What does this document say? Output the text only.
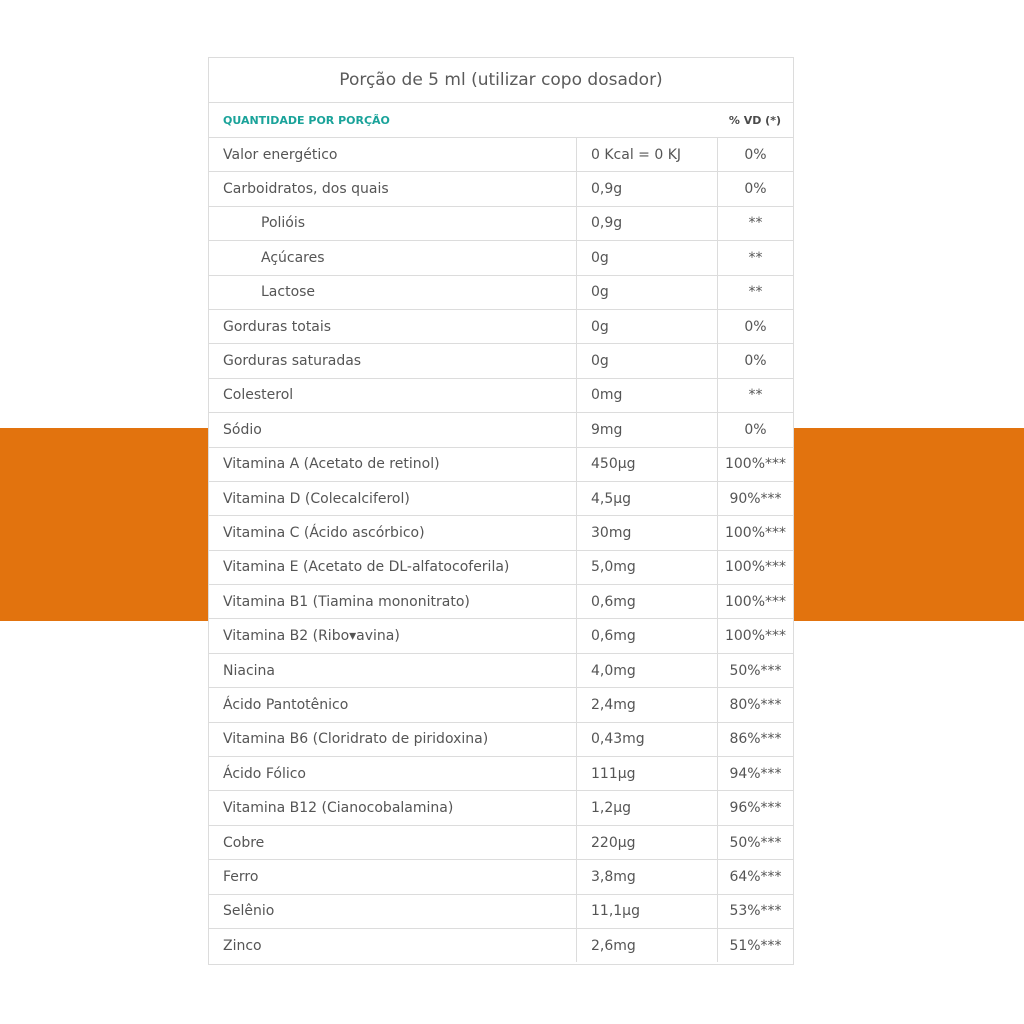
Porção de 5 ml (utilizar copo dosador)
QUANTIDADE POR PORÇÃO	% VD (*)
Valor energético	0 Kcal = 0 KJ	0%
Carboidratos, dos quais	0,9g	0%
Polióis	0,9g	**
Açúcares	0g	**
Lactose	0g	**
Gorduras totais	0g	0%
Gorduras saturadas	0g	0%
Colesterol	0mg	**
Sódio	9mg	0%
Vitamina A (Acetato de retinol)	450µg	100%***
Vitamina D (Colecalciferol)	4,5µg	90%***
Vitamina C (Ácido ascórbico)	30mg	100%***
Vitamina E (Acetato de DL-alfatocoferila)	5,0mg	100%***
Vitamina B1 (Tiamina mononitrato)	0,6mg	100%***
Vitamina B2 (Ribo▾avina)	0,6mg	100%***
Niacina	4,0mg	50%***
Ácido Pantotênico	2,4mg	80%***
Vitamina B6 (Cloridrato de piridoxina)	0,43mg	86%***
Ácido Fólico	111µg	94%***
Vitamina B12 (Cianocobalamina)	1,2µg	96%***
Cobre	220µg	50%***
Ferro	3,8mg	64%***
Selênio	11,1µg	53%***
Zinco	2,6mg	51%***
